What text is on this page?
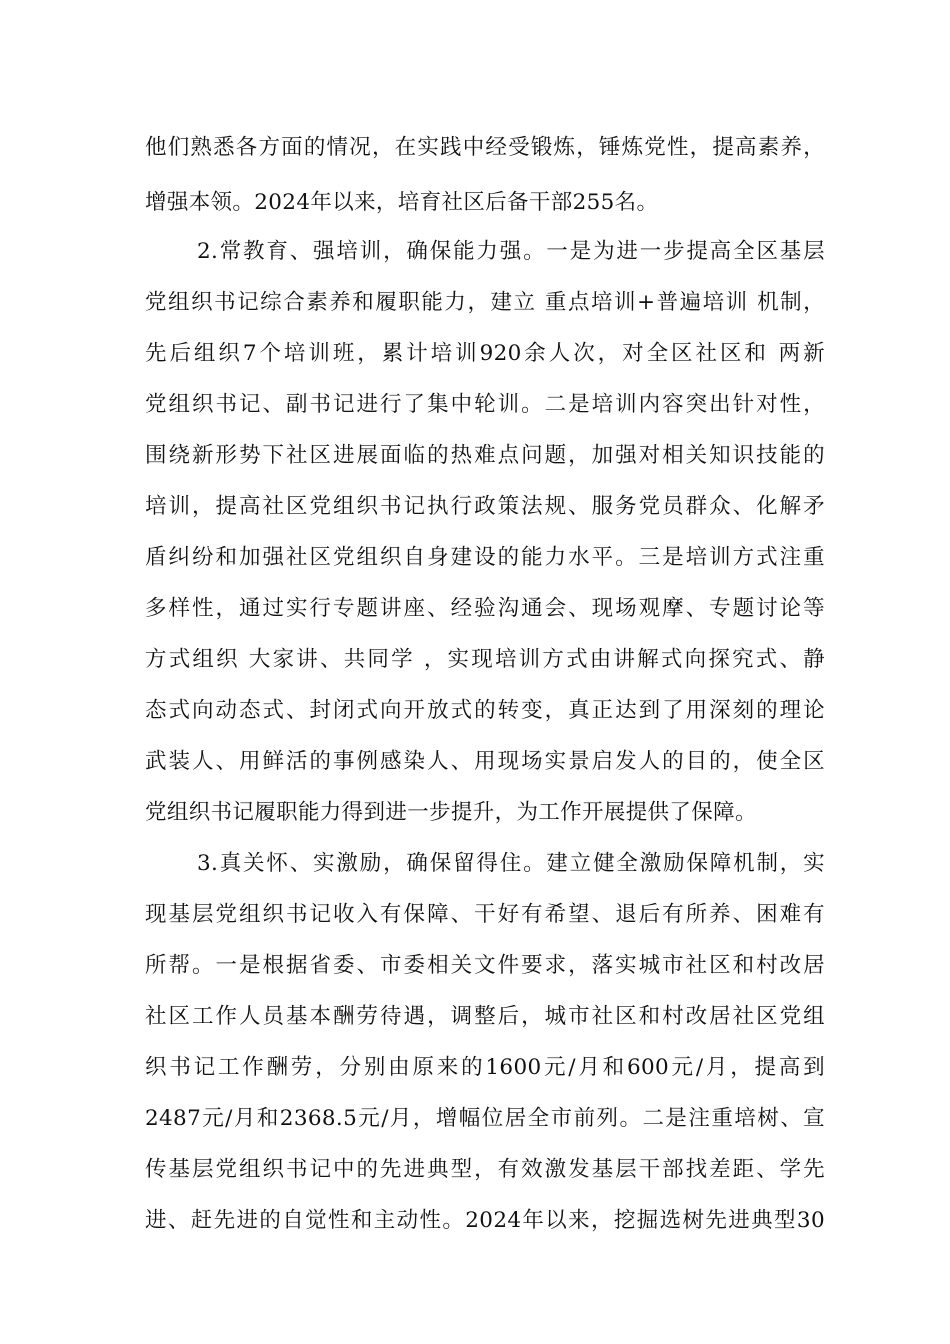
他们熟悉各方面的情况，在实践中经受锻炼，锤炼党性，提高素养，

增强本领。2024年以来，培育社区后备干部255名。

2.常教育、强培训，确保能力强。一是为进一步提高全区基层

党组织书记综合素养和履职能力，建立 重点培训+普遍培训 机制，

先后组织7个培训班，累计培训920余人次，对全区社区和 两新

党组织书记、副书记进行了集中轮训。二是培训内容突出针对性，

围绕新形势下社区进展面临的热难点问题，加强对相关知识技能的

培训，提高社区党组织书记执行政策法规、服务党员群众、化解矛

盾纠纷和加强社区党组织自身建设的能力水平。三是培训方式注重

多样性，通过实行专题讲座、经验沟通会、现场观摩、专题讨论等

方式组织 大家讲、共同学 ，实现培训方式由讲解式向探究式、静

态式向动态式、封闭式向开放式的转变，真正达到了用深刻的理论

武装人、用鲜活的事例感染人、用现场实景启发人的目的，使全区

党组织书记履职能力得到进一步提升，为工作开展提供了保障。

3.真关怀、实激励，确保留得住。建立健全激励保障机制，实

现基层党组织书记收入有保障、干好有希望、退后有所养、困难有

所帮。一是根据省委、市委相关文件要求，落实城市社区和村改居

社区工作人员基本酬劳待遇，调整后，城市社区和村改居社区党组

织书记工作酬劳，分别由原来的1600元/月和600元/月，提高到

2487元/月和2368.5元/月，增幅位居全市前列。二是注重培树、宣

传基层党组织书记中的先进典型，有效激发基层干部找差距、学先

进、赶先进的自觉性和主动性。2024年以来，挖掘选树先进典型30
